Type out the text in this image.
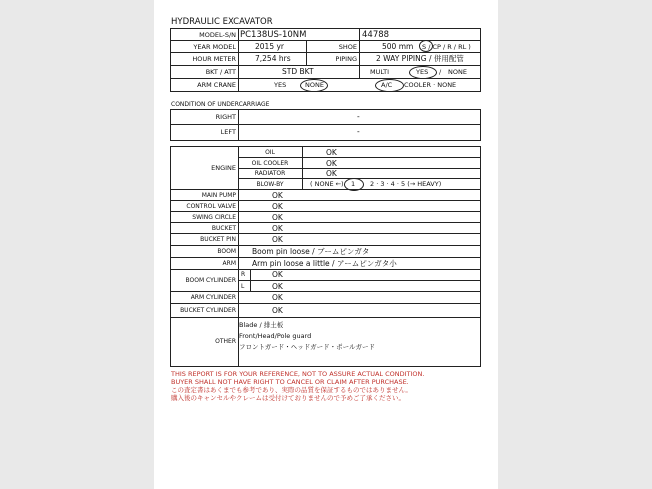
HYDRAULIC EXCAVATOR
MODEL-S/N PC138US-10NM	44788
YEAR MODEL	2015 yr	SHOE	500 mm S / CP / R / RL )
HOUR METER	7,254 hrs	PIPING	2 WAY PIPING / 併用配管
BKT / ATT	STD BKT	MULTI	YES / NONE
ARM CRANE	YES	NONE	A/C COOLER · NONE
CONDITION OF UNDERCARRIAGE
RIGHT	-
LEFT	-
ENGINE
OIL	OK
OIL COOLER	OK
RADIATOR	OK
BLOW-BY	( NONE ←) 1 2 · 3 · 4 · 5 (→ HEAVY)
MAIN PUMP	OK
CONTROL VALVE	OK
SWING CIRCLE	OK
BUCKET	OK
BUCKET PIN	OK
BOOM Boom pin loose / ブームピンガタ
ARM Arm pin loose a little / アームピンガタ小
BOOM CYLINDER
R	OK
L	OK
ARM CYLINDER	OK
BUCKET CYLINDER	OK
OTHER
Blade / 排土板
Front/Head/Pole guard
フロントガード・ヘッドガード・ポールガード
THIS REPORT IS FOR YOUR REFERENCE, NOT TO ASSURE ACTUAL CONDITION.
BUYER SHALL NOT HAVE RIGHT TO CANCEL OR CLAIM AFTER PURCHASE.
この査定書はあくまでも参考であり、実際の品質を保証するものではありません。
購入後のキャンセルやクレームは受付けておりませんので予めご了承ください。
